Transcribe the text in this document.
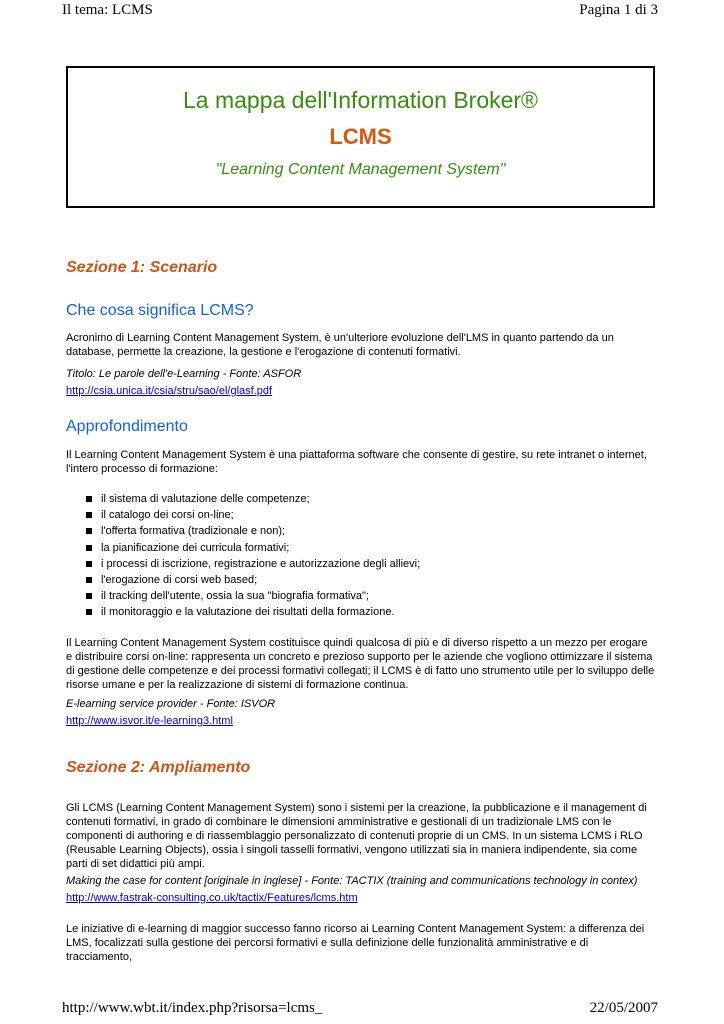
Il tema: LCMS	Pagina 1 di 3
La mappa dell'Information Broker®
LCMS
"Learning Content Management System"
Sezione 1: Scenario
Che cosa significa LCMS?
Acronimo di Learning Content Management System, è un'ulteriore evoluzione dell'LMS in quanto partendo da un database, permette la creazione, la gestione e l'erogazione di contenuti formativi.
Titolo: Le parole dell'e-Learning - Fonte: ASFOR
http://csia.unica.it/csia/stru/sao/el/glasf.pdf
Approfondimento
Il Learning Content Management System è una piattaforma software che consente di gestire, su rete intranet o internet, l'intero processo di formazione:
il sistema di valutazione delle competenze;
il catalogo dei corsi on-line;
l'offerta formativa (tradizionale e non);
la pianificazione dei curricula formativi;
i processi di iscrizione, registrazione e autorizzazione degli allievi;
l'erogazione di corsi web based;
il tracking dell'utente, ossia la sua "biografia formativa";
il monitoraggio e la valutazione dei risultati della formazione.
Il Learning Content Management System costituisce quindi qualcosa di più e di diverso rispetto a un mezzo per erogare e distribuire corsi on-line: rappresenta un concreto e prezioso supporto per le aziende che vogliono ottimizzare il sistema di gestione delle competenze e dei processi formativi collegati; il LCMS è di fatto uno strumento utile per lo sviluppo delle risorse umane e per la realizzazione di sistemi di formazione continua.
E-learning service provider - Fonte: ISVOR
http://www.isvor.it/e-learning3.html
Sezione 2: Ampliamento
Gli LCMS (Learning Content Management System) sono i sistemi per la creazione, la pubblicazione e il management di contenuti formativi, in grado di combinare le dimensioni amministrative e gestionali di un tradizionale LMS con le componenti di authoring e di riassemblaggio personalizzato di contenuti proprie di un CMS. In un sistema LCMS i RLO (Reusable Learning Objects), ossia i singoli tasselli formativi, vengono utilizzati sia in maniera indipendente, sia come parti di set didattici più ampi.
Making the case for content [originale in inglese] - Fonte: TACTIX (training and communications technology in contex)
http://www.fastrak-consulting.co.uk/tactix/Features/lcms.htm
Le iniziative di e-learning di maggior successo fanno ricorso ai Learning Content Management System: a differenza dei LMS, focalizzati sulla gestione dei percorsi formativi e sulla definizione delle funzionalità amministrative e di tracciamento,
http://www.wbt.it/index.php?risorsa=lcms_	22/05/2007
